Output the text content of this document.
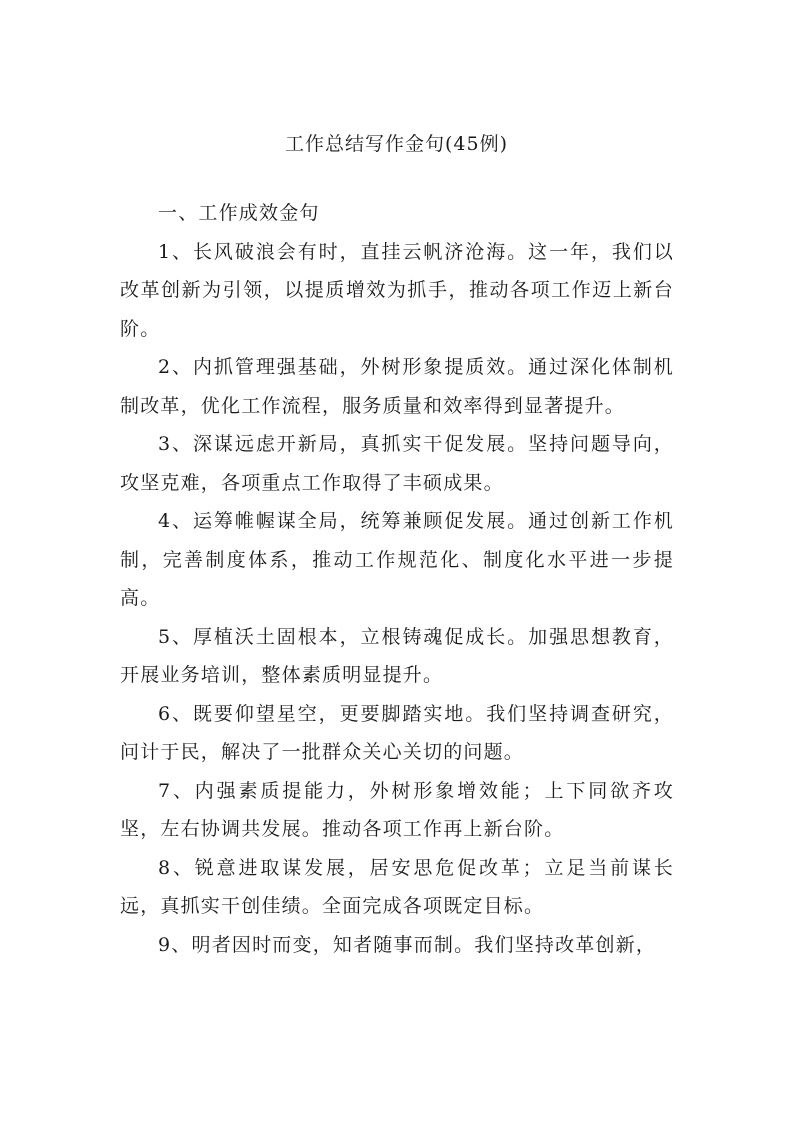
工作总结写作金句(45例)

一、工作成效金句

1、长风破浪会有时，直挂云帆济沧海。这一年，我们以改革创新为引领，以提质增效为抓手，推动各项工作迈上新台阶。

2、内抓管理强基础，外树形象提质效。通过深化体制机制改革，优化工作流程，服务质量和效率得到显著提升。

3、深谋远虑开新局，真抓实干促发展。坚持问题导向，攻坚克难，各项重点工作取得了丰硕成果。

4、运筹帷幄谋全局，统筹兼顾促发展。通过创新工作机制，完善制度体系，推动工作规范化、制度化水平进一步提高。

5、厚植沃土固根本，立根铸魂促成长。加强思想教育，开展业务培训，整体素质明显提升。

6、既要仰望星空，更要脚踏实地。我们坚持调查研究，问计于民，解决了一批群众关心关切的问题。

7、内强素质提能力，外树形象增效能；上下同欲齐攻坚，左右协调共发展。推动各项工作再上新台阶。

8、锐意进取谋发展，居安思危促改革；立足当前谋长远，真抓实干创佳绩。全面完成各项既定目标。

9、明者因时而变，知者随事而制。我们坚持改革创新，
